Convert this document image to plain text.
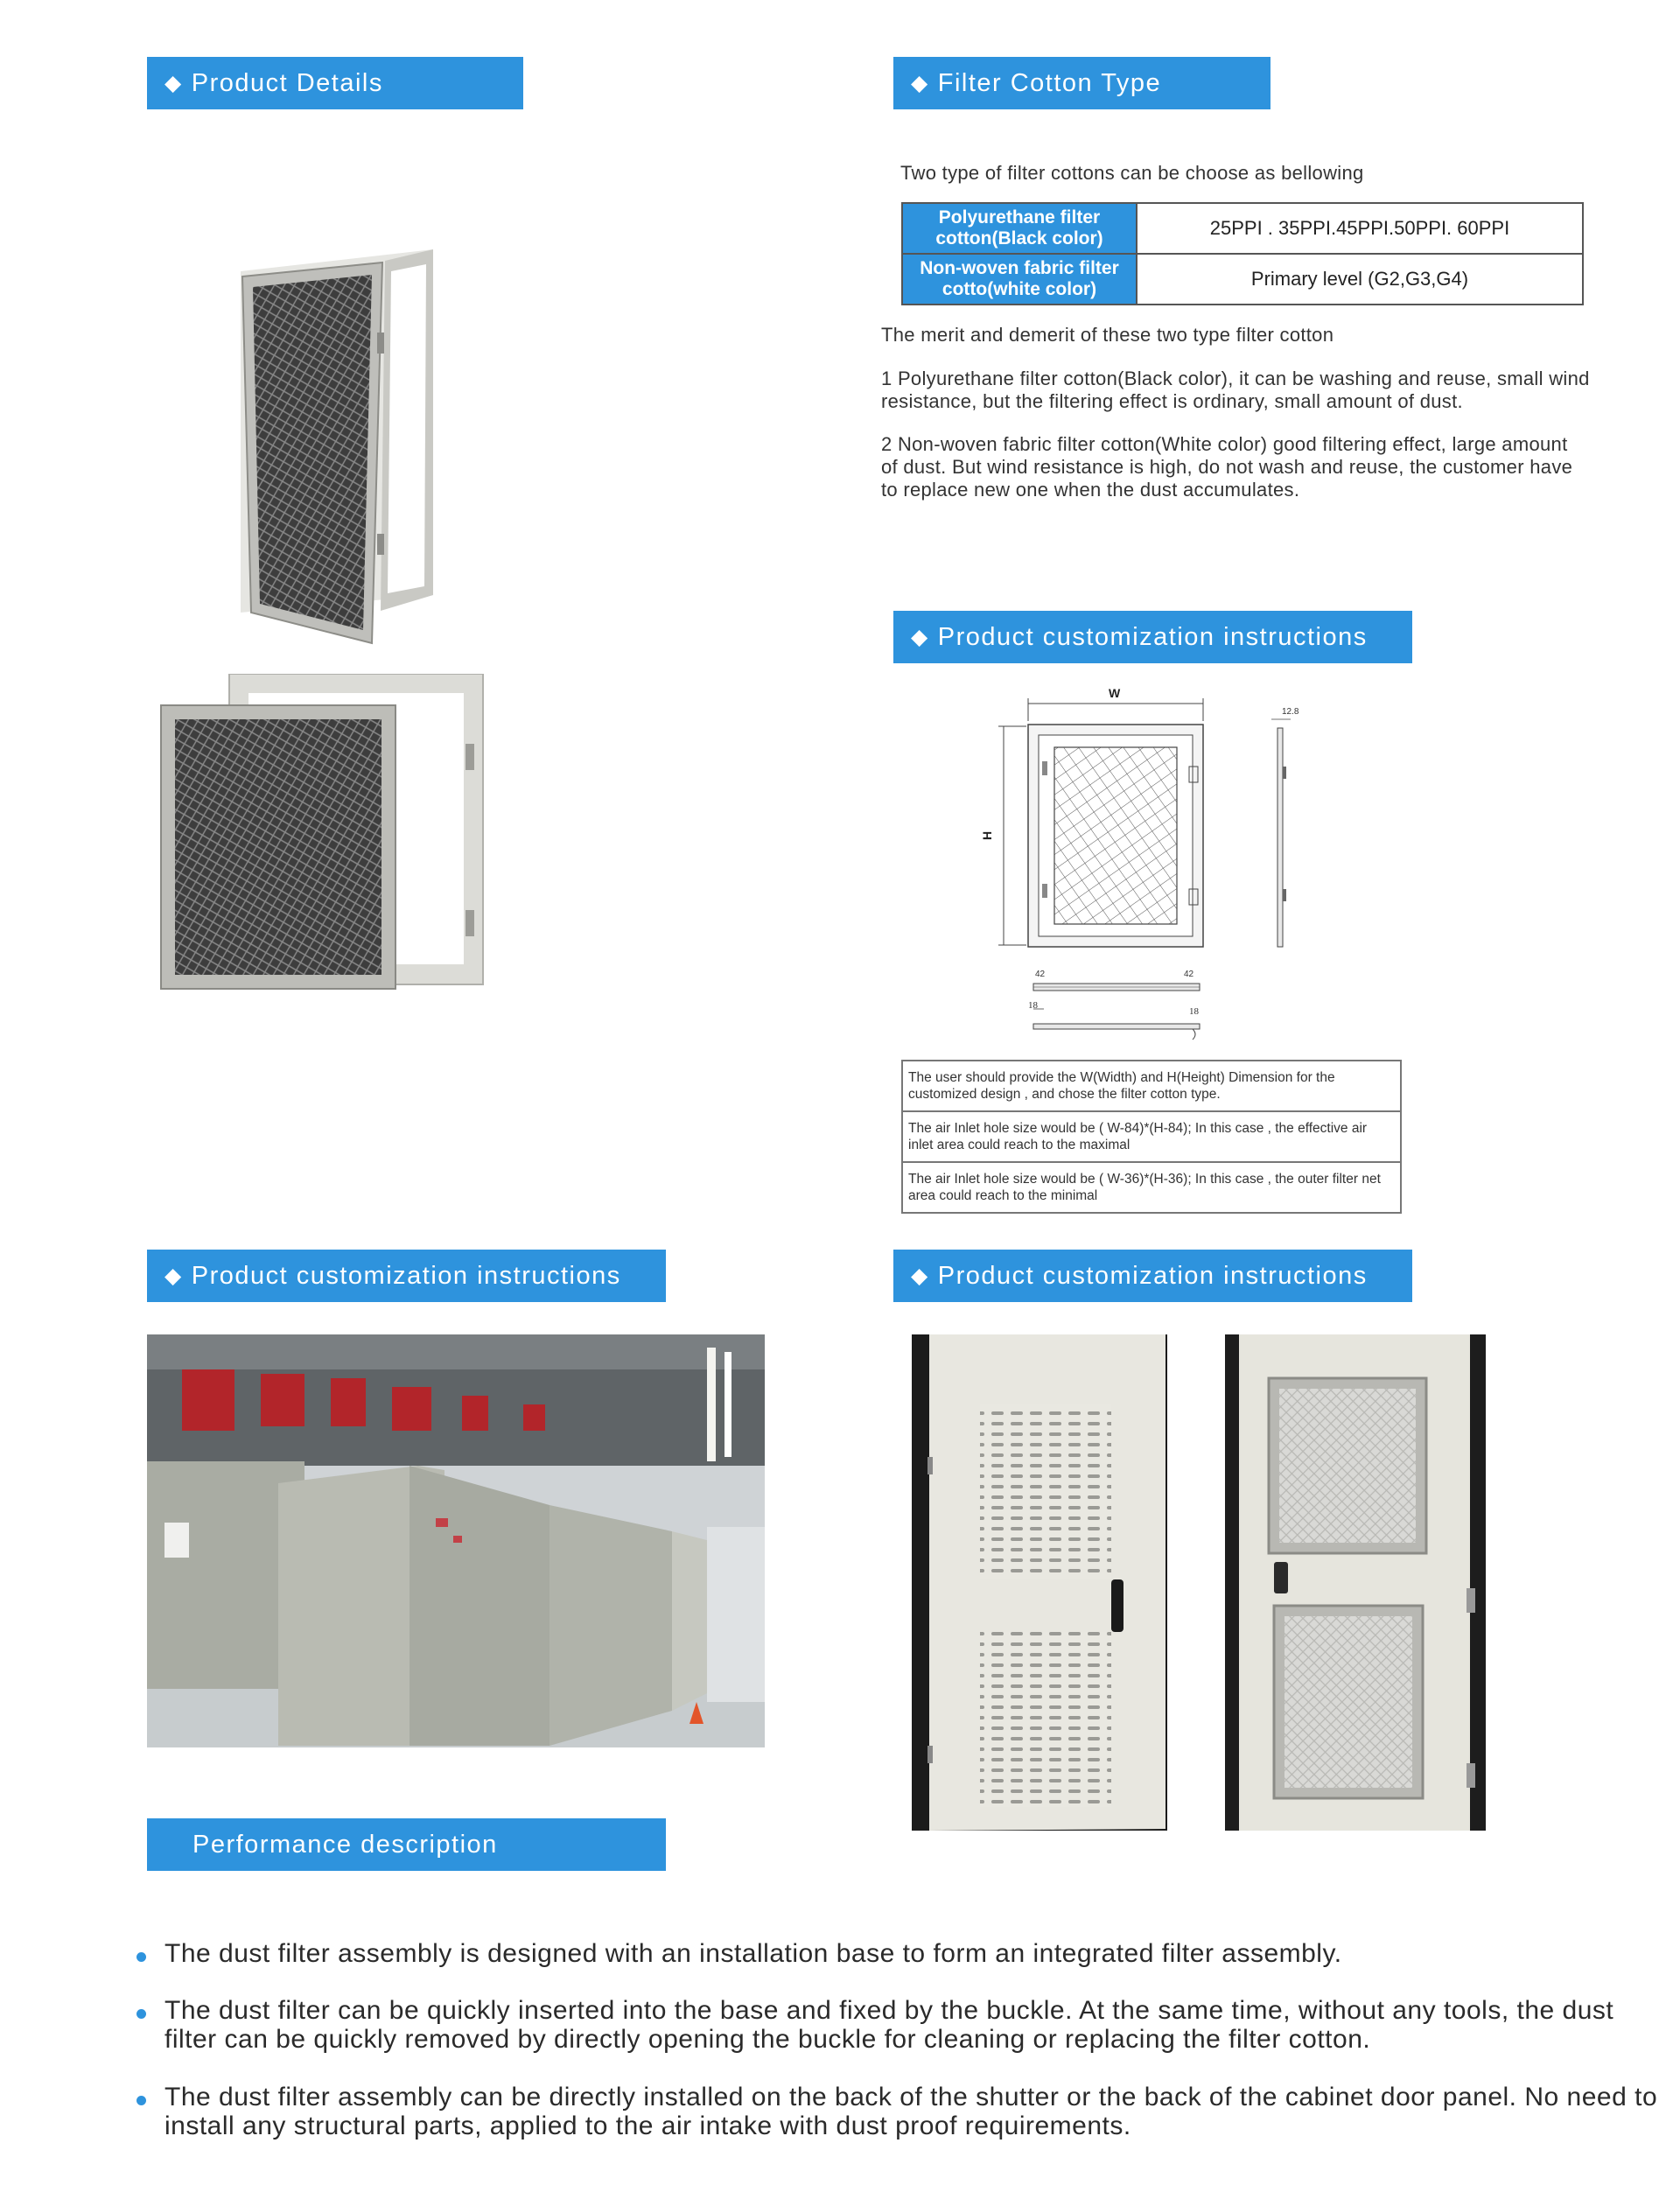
◆ Product Details	◆ Filter Cotton Type
◆ Product customization instructions
◆ Product customization instructions	◆ Product customization instructions
Performance description
Two type of filter cottons can be choose as bellowing
Polyurethane filter cotton(Black color)	25PPI . 35PPI.45PPI.50PPI. 60PPI
Non-woven fabric filter cotto(white color)	Primary level (G2,G3,G4)
The merit and demerit of these two type filter cotton
1 Polyurethane filter cotton(Black color), it can be washing and reuse, small wind resistance, but the filtering effect is ordinary, small amount of dust.
2 Non-woven fabric filter cotton(White color) good filtering effect, large amount of dust. But wind resistance is high, do not wash and reuse, the customer have to replace new one when the dust accumulates.
W
H
12.8
42	42
18
18
The user should provide the W(Width) and H(Height) Dimension for the customized design , and chose the filter cotton type.
The air Inlet hole size would be ( W-84)*(H-84); In this case , the effective air inlet area could reach to the maximal
The air Inlet hole size would be ( W-36)*(H-36); In this case , the outer filter net area could reach to the minimal
The dust filter assembly is designed with an installation base to form an integrated filter assembly.
The dust filter can be quickly inserted into the base and fixed by the buckle. At the same time, without any tools, the dust filter can be quickly removed by directly opening the buckle for cleaning or replacing the filter cotton.
The dust filter assembly can be directly installed on the back of the shutter or the back of the cabinet door panel. No need to install any structural parts, applied to the air intake with dust proof requirements.
